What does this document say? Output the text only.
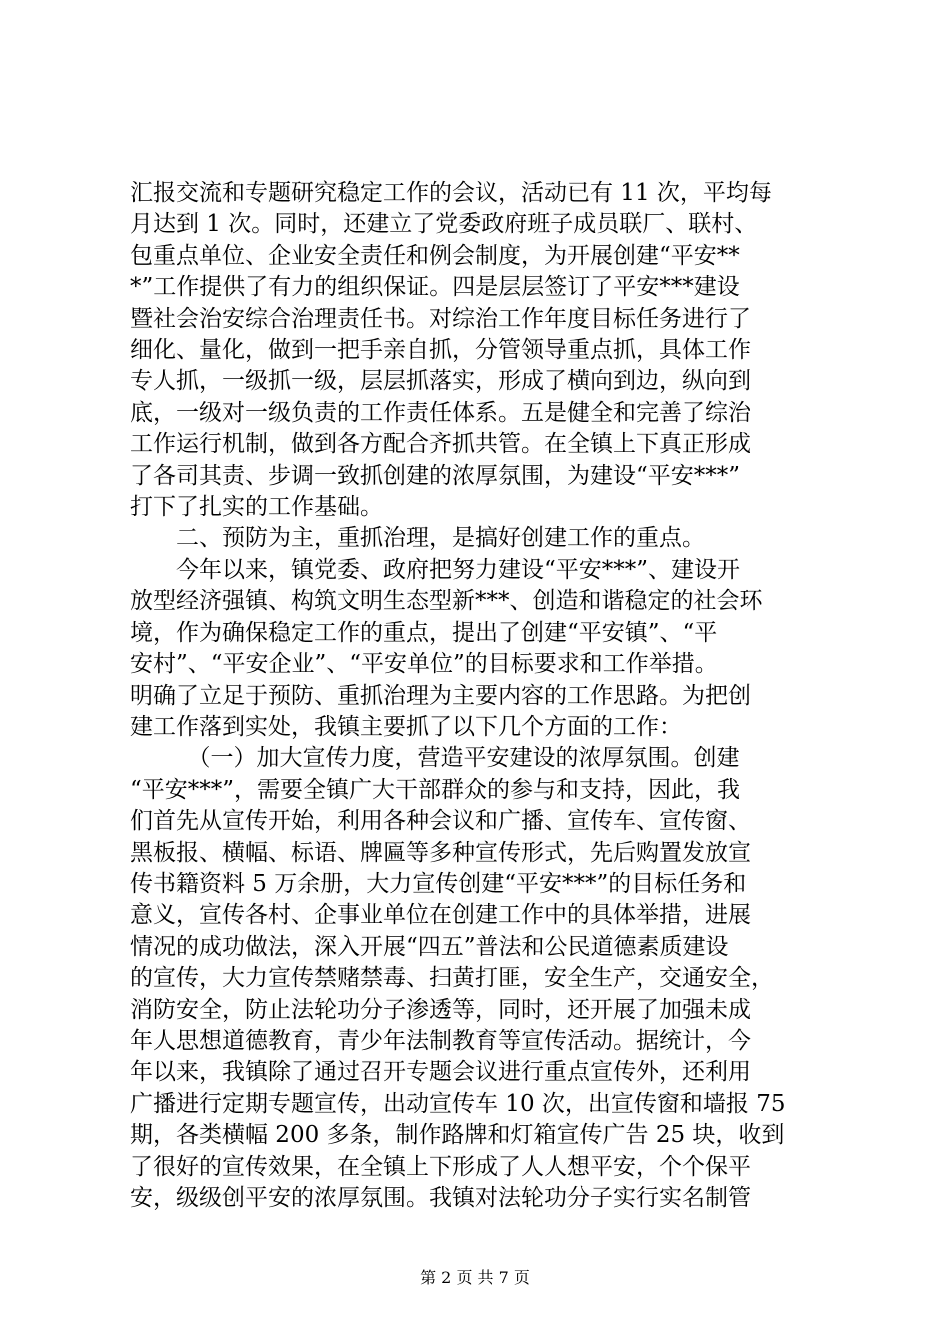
汇报交流和专题研究稳定工作的会议，活动已有 11 次，平均每
月达到 1 次。同时，还建立了党委政府班子成员联厂、联村、
包重点单位、企业安全责任和例会制度，为开展创建“平安**
*”工作提供了有力的组织保证。四是层层签订了平安***建设
暨社会治安综合治理责任书。对综治工作年度目标任务进行了
细化、量化，做到一把手亲自抓，分管领导重点抓，具体工作
专人抓，一级抓一级，层层抓落实，形成了横向到边，纵向到
底，一级对一级负责的工作责任体系。五是健全和完善了综治
工作运行机制，做到各方配合齐抓共管。在全镇上下真正形成
了各司其责、步调一致抓创建的浓厚氛围，为建设“平安***”
打下了扎实的工作基础。
　　二、预防为主，重抓治理，是搞好创建工作的重点。
　　今年以来，镇党委、政府把努力建设“平安***”、建设开
放型经济强镇、构筑文明生态型新***、创造和谐稳定的社会环
境，作为确保稳定工作的重点，提出了创建“平安镇”、“平
安村”、“平安企业”、“平安单位”的目标要求和工作举措。
明确了立足于预防、重抓治理为主要内容的工作思路。为把创
建工作落到实处，我镇主要抓了以下几个方面的工作：
　　　（一）加大宣传力度，营造平安建设的浓厚氛围。创建
“平安***”，需要全镇广大干部群众的参与和支持，因此，我
们首先从宣传开始，利用各种会议和广播、宣传车、宣传窗、
黑板报、横幅、标语、牌匾等多种宣传形式，先后购置发放宣
传书籍资料 5 万余册，大力宣传创建“平安***”的目标任务和
意义，宣传各村、企事业单位在创建工作中的具体举措，进展
情况的成功做法，深入开展“四五”普法和公民道德素质建设
的宣传，大力宣传禁赌禁毒、扫黄打匪，安全生产，交通安全，
消防安全，防止法轮功分子渗透等，同时，还开展了加强未成
年人思想道德教育，青少年法制教育等宣传活动。据统计，今
年以来，我镇除了通过召开专题会议进行重点宣传外，还利用
广播进行定期专题宣传，出动宣传车 10 次，出宣传窗和墙报 75
期，各类横幅 200 多条，制作路牌和灯箱宣传广告 25 块，收到
了很好的宣传效果，在全镇上下形成了人人想平安，个个保平
安，级级创平安的浓厚氛围。我镇对法轮功分子实行实名制管
第 2 页 共 7 页
